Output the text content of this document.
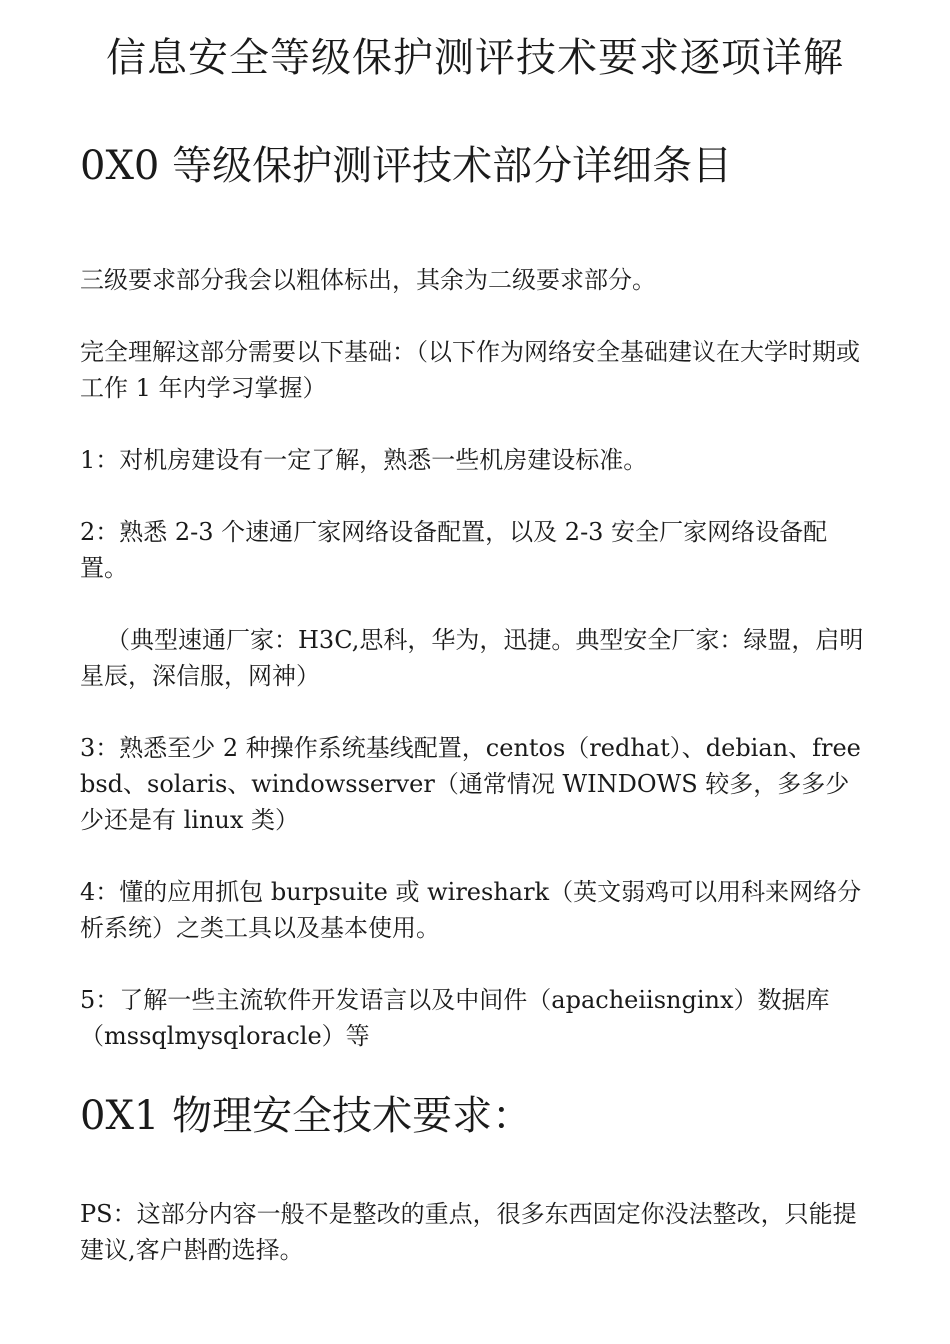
信息安全等级保护测评技术要求逐项详解
0X0 等级保护测评技术部分详细条目

三级要求部分我会以粗体标出，其余为二级要求部分。

完全理解这部分需要以下基础：（以下作为网络安全基础建议在大学时期或工作 1 年内学习掌握）

1：对机房建设有一定了解，熟悉一些机房建设标准。

2：熟悉 2-3 个速通厂家网络设备配置，以及 2-3 安全厂家网络设备配置。

（典型速通厂家：H3C,思科，华为，迅捷。典型安全厂家：绿盟，启明星辰，深信服，网神）

3：熟悉至少 2 种操作系统基线配置，centos（redhat）、debian、freebsd、solaris、windowsserver（通常情况 WINDOWS 较多，多多少少还是有 linux 类）

4：懂的应用抓包 burpsuite 或 wireshark（英文弱鸡可以用科来网络分析系统）之类工具以及基本使用。

5：了解一些主流软件开发语言以及中间件（apacheiisnginx）数据库（mssqlmysqloracle）等

0X1 物理安全技术要求：

PS：这部分内容一般不是整改的重点，很多东西固定你没法整改，只能提建议,客户斟酌选择。
